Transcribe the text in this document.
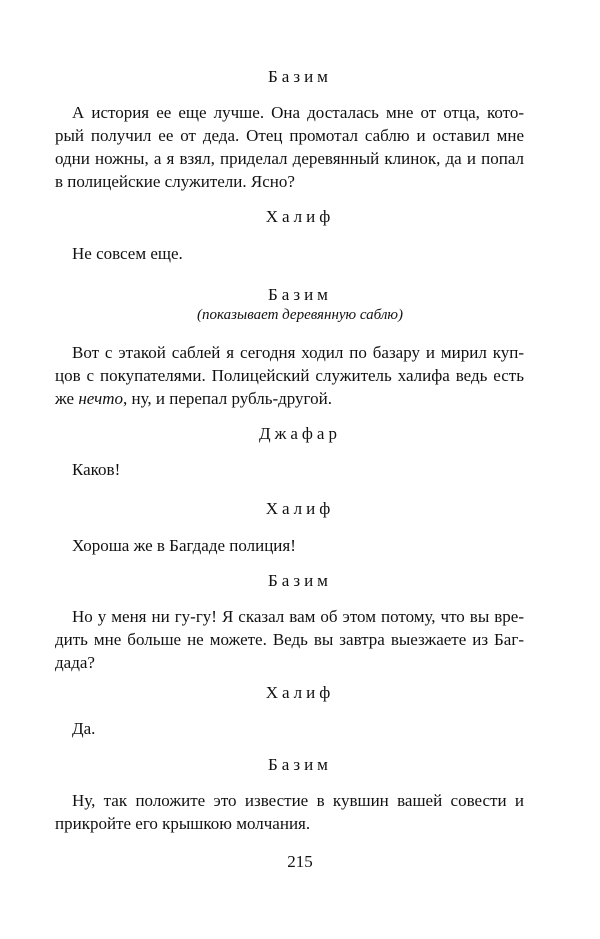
Базим
А история ее еще лучше. Она досталась мне от отца, кото-
рый получил ее от деда. Отец промотал саблю и оставил мне
одни ножны, а я взял, приделал деревянный клинок, да и попал
в полицейские служители. Ясно?
Халиф
Не совсем еще.
Базим
(показывает деревянную саблю)
Вот с этакой саблей я сегодня ходил по базару и мирил куп-
цов с покупателями. Полицейский служитель халифа ведь есть
же нечто, ну, и перепал рубль-другой.
Джафар
Каков!
Халиф
Хороша же в Багдаде полиция!
Базим
Но у меня ни гу-гу! Я сказал вам об этом потому, что вы вре-
дить мне больше не можете. Ведь вы завтра выезжаете из Баг-
дада?
Халиф
Да.
Базим
Ну, так положите это известие в кувшин вашей совести и
прикройте его крышкою молчания.
215
